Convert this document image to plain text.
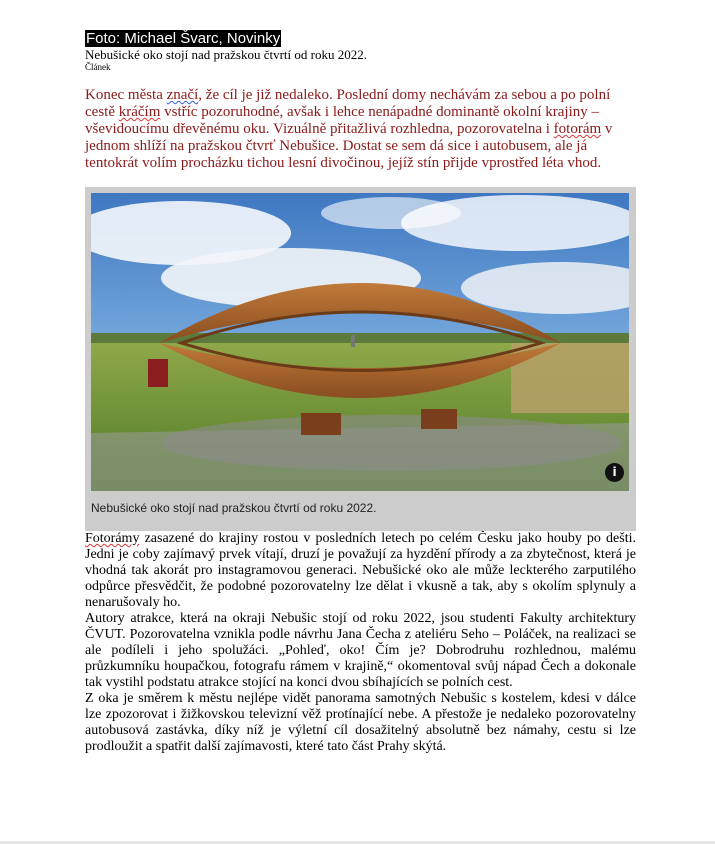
Foto: Michael Švarc, Novinky
Nebušické oko stojí nad pražskou čtvrtí od roku 2022.
Článek
Konec města značí, že cíl je již nedaleko. Poslední domy nechávám za sebou a po polní cestě kráčím vstříc pozoruhodné, avšak i lehce nenápadné dominantě okolní krajiny – vševidoucímu dřevěnému oku. Vizuálně přitažlivá rozhledna, pozorovatelna i fotorám v jednom shlíží na pražskou čtvrť Nebušice. Dostat se sem dá sice i autobusem, ale já tentokrát volím procházku tichou lesní divočinou, jejíž stín přijde vprostřed léta vhod.
i
Nebušické oko stojí nad pražskou čtvrtí od roku 2022.

Fotorámy zasazené do krajiny rostou v posledních letech po celém Česku jako houby po dešti. Jedni je coby zajímavý prvek vítají, druzí je považují za hyzdění přírody a za zbytečnost, která je vhodná tak akorát pro instagramovou generaci. Nebušické oko ale může leckterého zarputilého odpůrce přesvědčit, že podobné pozorovatelny lze dělat i vkusně a tak, aby s okolím splynuly a nenarušovaly ho.

Autory atrakce, která na okraji Nebušic stojí od roku 2022, jsou studenti Fakulty architektury ČVUT. Pozorovatelna vznikla podle návrhu Jana Čecha z ateliéru Seho – Poláček, na realizaci se ale podíleli i jeho spolužáci. „Pohleď, oko! Čím je? Dobrodruhu rozhlednou, malému průzkumníku houpačkou, fotografu rámem v krajině,“ okomentoval svůj nápad Čech a dokonale tak vystihl podstatu atrakce stojící na konci dvou sbíhajících se polních cest.

Z oka je směrem k městu nejlépe vidět panorama samotných Nebušic s kostelem, kdesi v dálce lze zpozorovat i žižkovskou televizní věž protínající nebe. A přestože je nedaleko pozorovatelny autobusová zastávka, díky níž je výletní cíl dosažitelný absolutně bez námahy, cestu si lze prodloužit a spatřit další zajímavosti, které tato část Prahy skýtá.
